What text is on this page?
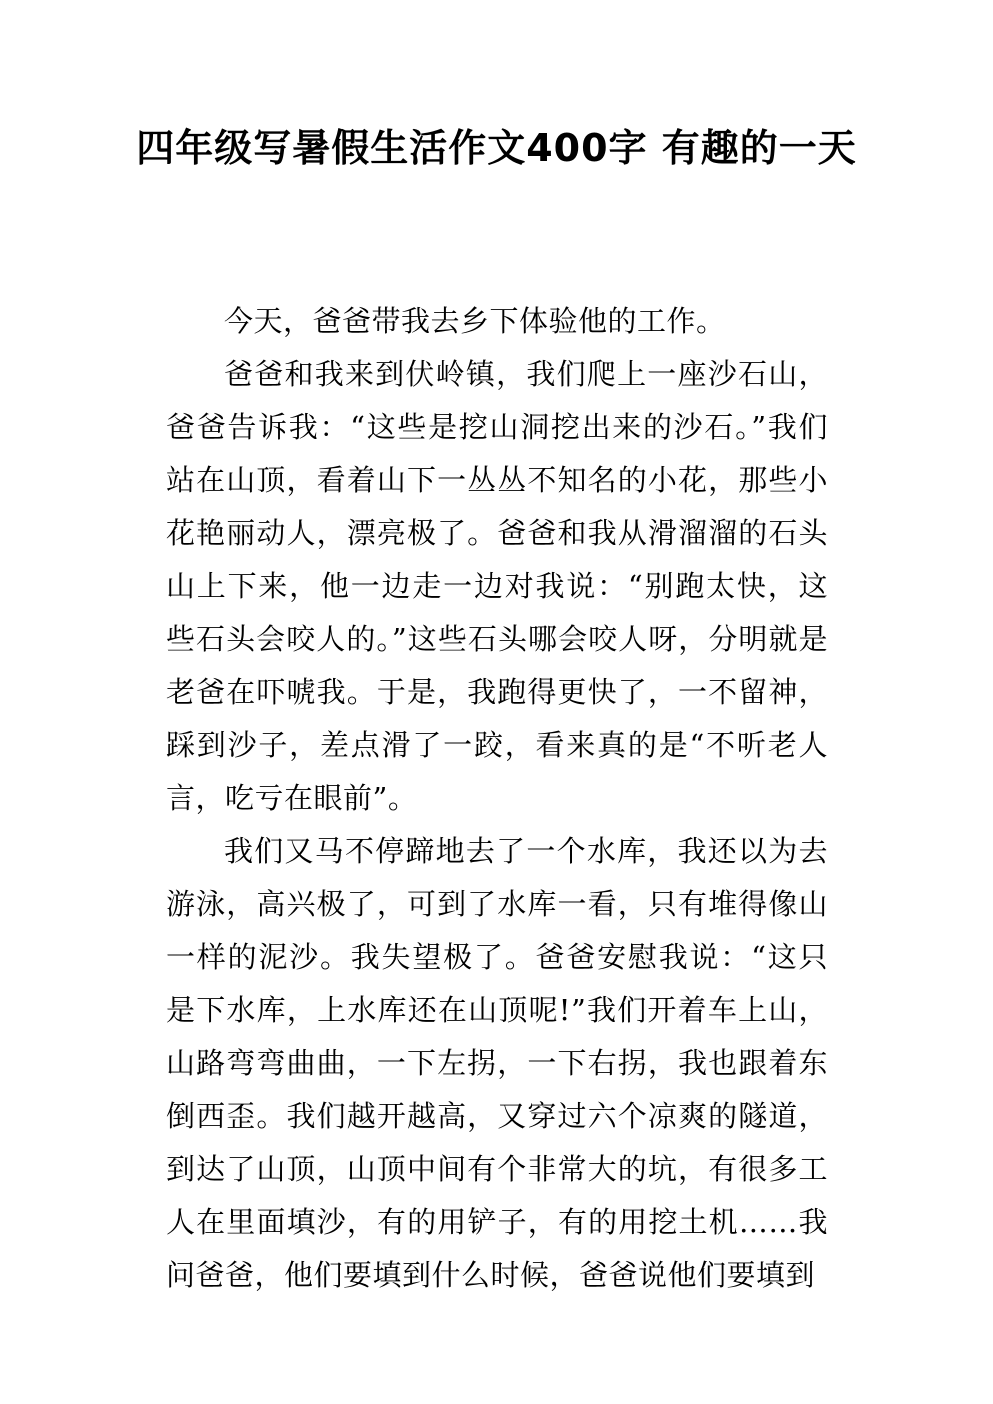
四年级写暑假生活作文400字 有趣的一天

今天，爸爸带我去乡下体验他的工作。

爸爸和我来到伏岭镇，我们爬上一座沙石山，爸爸告诉我：“这些是挖山洞挖出来的沙石。”我们站在山顶，看着山下一丛丛不知名的小花，那些小花艳丽动人，漂亮极了。爸爸和我从滑溜溜的石头山上下来，他一边走一边对我说：“别跑太快，这些石头会咬人的。”这些石头哪会咬人呀，分明就是老爸在吓唬我。于是，我跑得更快了，一不留神，踩到沙子，差点滑了一跤，看来真的是“不听老人言，吃亏在眼前”。

我们又马不停蹄地去了一个水库，我还以为去游泳，高兴极了，可到了水库一看，只有堆得像山一样的泥沙。我失望极了。爸爸安慰我说：“这只是下水库，上水库还在山顶呢!”我们开着车上山，山路弯弯曲曲，一下左拐，一下右拐，我也跟着东倒西歪。我们越开越高，又穿过六个凉爽的隧道，到达了山顶，山顶中间有个非常大的坑，有很多工人在里面填沙，有的用铲子，有的用挖土机……我问爸爸，他们要填到什么时候，爸爸说他们要填到
